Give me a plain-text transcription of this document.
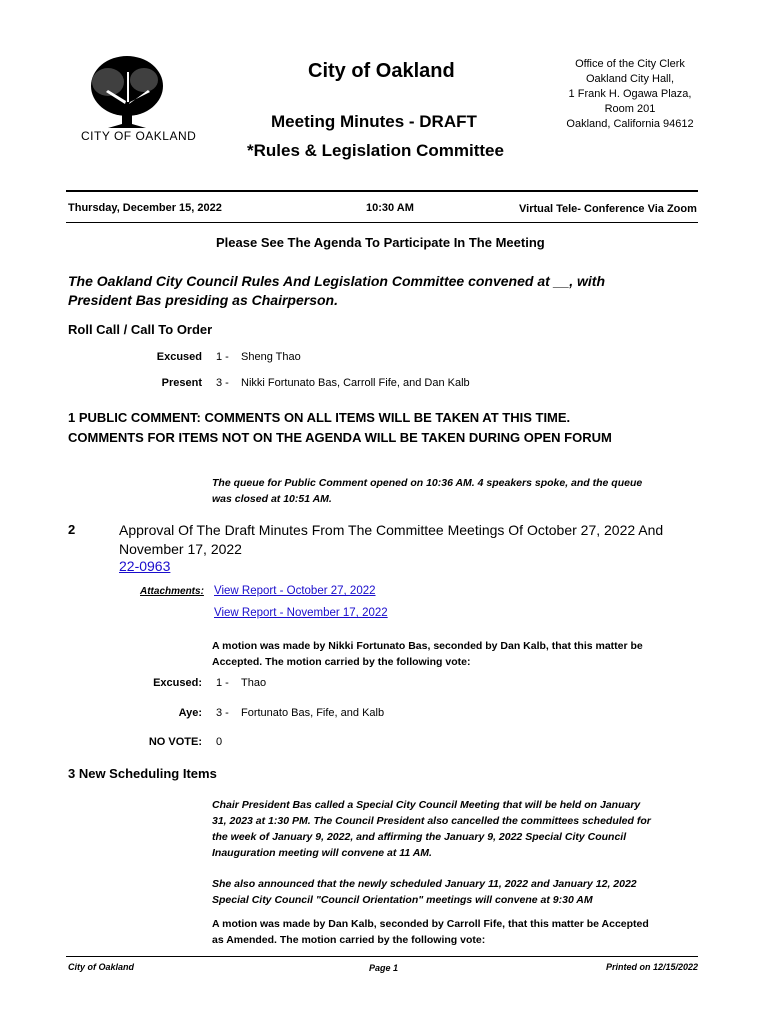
CITY OF OAKLAND
City of Oakland
Meeting Minutes - DRAFT
*Rules & Legislation Committee
Office of the City Clerk
Oakland City Hall,
1 Frank H. Ogawa Plaza,
Room 201
Oakland, California 94612
Thursday, December 15, 2022	10:30 AM	Virtual Tele- Conference Via Zoom
Please See The Agenda To Participate In The Meeting
The Oakland City Council Rules And Legislation Committee convened at __, with President Bas presiding as Chairperson.
Roll Call / Call To Order
Excused 1 - Sheng Thao
Present 3 - Nikki Fortunato Bas, Carroll Fife, and Dan Kalb
1 PUBLIC COMMENT: COMMENTS ON ALL ITEMS WILL BE TAKEN AT THIS TIME. COMMENTS FOR ITEMS NOT ON THE AGENDA WILL BE TAKEN DURING OPEN FORUM
The queue for Public Comment opened on 10:36 AM. 4 speakers spoke, and the queue was closed at 10:51 AM.
2	Approval Of The Draft Minutes From The Committee Meetings Of October 27, 2022 And November 17, 2022
22-0963
Attachments: View Report - October 27, 2022
View Report - November 17, 2022
A motion was made by Nikki Fortunato Bas, seconded by Dan Kalb, that this matter be Accepted. The motion carried by the following vote:
Excused: 1 - Thao
Aye: 3 - Fortunato Bas, Fife, and Kalb
NO VOTE: 0
3 New Scheduling Items
Chair President Bas called a Special City Council Meeting that will be held on January 31, 2023 at 1:30 PM. The Council President also cancelled the committees scheduled for the week of January 9, 2022, and affirming the January 9, 2022 Special City Council Inauguration meeting will convene at 11 AM.
She also announced that the newly scheduled January 11, 2022 and January 12, 2022 Special City Council "Council Orientation" meetings will convene at 9:30 AM
A motion was made by Dan Kalb, seconded by Carroll Fife, that this matter be Accepted as Amended. The motion carried by the following vote:
City of Oakland	Page 1	Printed on 12/15/2022
